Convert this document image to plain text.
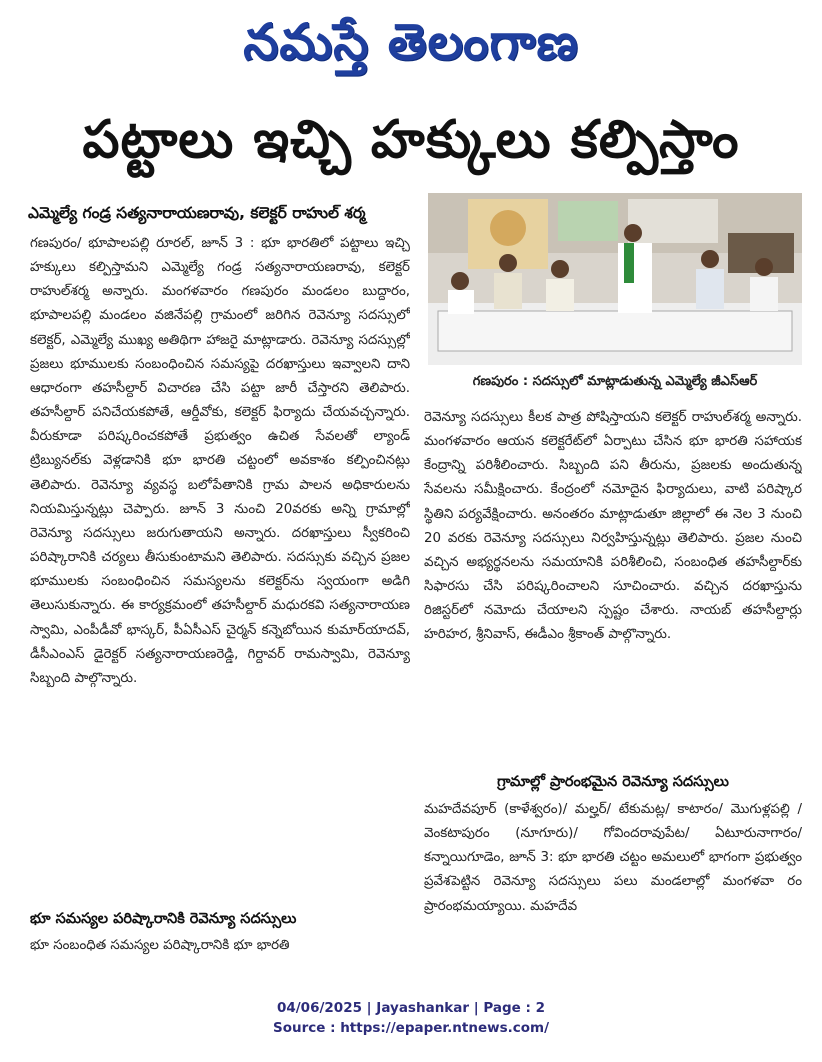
నమస్తే తెలంగాణ
పట్టాలు ఇచ్చి హక్కులు కల్పిస్తాం
ఎమ్మెల్యే గండ్ర సత్యనారాయణరావు, కలెక్టర్ రాహుల్ శర్మ

గణపురం/ భూపాలపల్లి రూరల్, జూన్ 3 : భూ భారతిలో పట్టాలు ఇచ్చి హక్కులు కల్పిస్తామని ఎమ్మెల్యే గండ్ర సత్యనారాయణరావు, కలెక్టర్ రాహుల్‌శర్మ అన్నారు. మంగళవారం గణపురం మండలం బుద్దారం, భూపాలపల్లి మండలం వజినేపల్లి గ్రామంలో జరిగిన రెవెన్యూ సదస్సులో కలెక్టర్, ఎమ్మెల్యే ముఖ్య అతిథిగా హాజరై మాట్లాడారు. రెవెన్యూ సదస్సుల్లో ప్రజలు భూములకు సంబంధించిన సమస్యపై దరఖాస్తులు ఇవ్వాలని దాని ఆధారంగా తహసీల్దార్ విచారణ చేసి పట్టా జారీ చేస్తారని తెలిపారు. తహసీల్దార్ పనిచేయకపోతే, ఆర్డీవోకు, కలెక్టర్ ఫిర్యాదు చేయవచ్చన్నారు. వీరుకూడా పరిష్కరించకపోతే ప్రభుత్వం ఉచిత సేవలతో ల్యాండ్ ట్రిబ్యునల్‌కు వెళ్లడానికి భూ భారతి చట్టంలో అవకాశం కల్పించినట్లు తెలిపారు. రెవెన్యూ వ్యవస్థ బలోపేతానికి గ్రామ పాలన అధికారులను నియమిస్తున్నట్లు చెప్పారు. జూన్ 3 నుంచి 20వరకు అన్ని గ్రామాల్లో రెవెన్యూ సదస్సులు జరుగుతాయని అన్నారు. దరఖాస్తులు స్వీకరించి పరిష్కారానికి చర్యలు తీసుకుంటామని తెలిపారు. సదస్సుకు వచ్చిన ప్రజల భూములకు సంబంధించిన సమస్యలను కలెక్టర్‌ను స్వయంగా అడిగి తెలుసుకున్నారు. ఈ కార్యక్రమంలో తహసీల్దార్ మధురకవి సత్యనారాయణ స్వామి, ఎంపీడీవో భాస్కర్, పీఏసీఎస్ చైర్మన్ కన్నెబోయిన కుమార్‌యాదవ్, డీసీఎంఎస్ డైరెక్టర్ సత్యనారాయణరెడ్డి, గిర్దావర్ రామస్వామి, రెవెన్యూ సిబ్బంది పాల్గొన్నారు.

భూ సమస్యల పరిష్కారానికి రెవెన్యూ సదస్సులు

భూ సంబంధిత సమస్యల పరిష్కారానికి భూ భారతి

గణపురం : సదస్సులో మాట్లాడుతున్న ఎమ్మెల్యే జీఎస్ఆర్

రెవెన్యూ సదస్సులు కీలక పాత్ర పోషిస్తాయని కలెక్టర్ రాహుల్‌శర్మ అన్నారు. మంగళవారం ఆయన కలెక్టరేట్‌లో ఏర్పాటు చేసిన భూ భారతి సహాయక కేంద్రాన్ని పరిశీలించారు. సిబ్బంది పని తీరును, ప్రజలకు అందుతున్న సేవలను సమీక్షించారు. కేంద్రంలో నమోదైన ఫిర్యాదులు, వాటి పరిష్కార స్థితిని పర్యవేక్షించారు. అనంతరం మాట్లాడుతూ జిల్లాలో ఈ నెల 3 నుంచి 20 వరకు రెవెన్యూ సదస్సులు నిర్వహిస్తున్నట్లు తెలిపారు. ప్రజల నుంచి వచ్చిన అభ్యర్థనలను సమయానికి పరిశీలించి, సంబంధిత తహసీల్దార్‌కు సిఫారసు చేసి పరిష్కరించాలని సూచించారు. వచ్చిన దరఖాస్తును రిజిస్టర్‌లో నమోదు చేయాలని స్పష్టం చేశారు. నాయబ్ తహసీల్దార్లు హరిహర, శ్రీనివాస్, ఈడీఎం శ్రీకాంత్ పాల్గొన్నారు.

గ్రామాల్లో ప్రారంభమైన రెవెన్యూ సదస్సులు

మహదేవపూర్ (కాళేశ్వరం)/ మల్హర్/ టేకుమట్ల/ కాటారం/ మొగుళ్లపల్లి / వెంకటాపురం (నూగూరు)/ గోవిందరావుపేట/ ఏటూరునాగారం/కన్నాయిగూడెం, జూన్ 3: భూ భారతి చట్టం అమలులో భాగంగా ప్రభుత్వం ప్రవేశపెట్టిన రెవెన్యూ సదస్సులు పలు మండలాల్లో మంగళవా రం ప్రారంభమయ్యాయి. మహదేవ

04/06/2025 | Jayashankar | Page : 2
Source : https://epaper.ntnews.com/
